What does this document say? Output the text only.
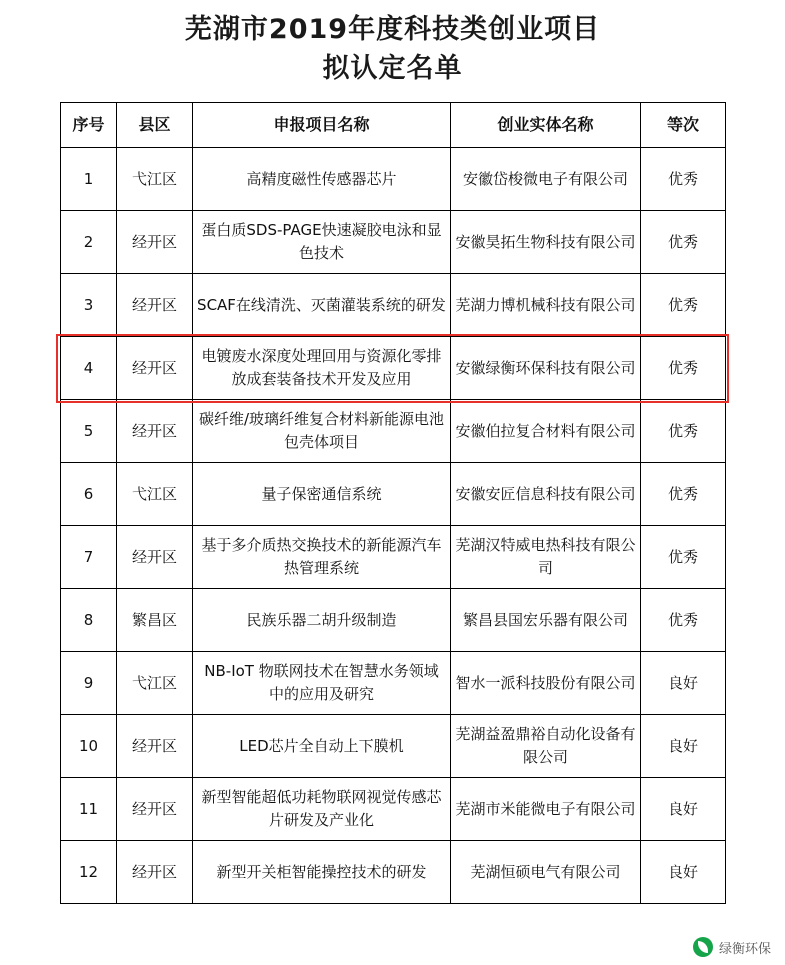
芜湖市2019年度科技类创业项目
拟认定名单
序号	县区	申报项目名称	创业实体名称	等次
1	弋江区	高精度磁性传感器芯片	安徽岱梭微电子有限公司	优秀
2	经开区	蛋白质SDS-PAGE快速凝胶电泳和显色技术	安徽昊拓生物科技有限公司	优秀
3	经开区	SCAF在线清洗、灭菌灌装系统的研发	芜湖力博机械科技有限公司	优秀
4	经开区	电镀废水深度处理回用与资源化零排放成套装备技术开发及应用	安徽绿衡环保科技有限公司	优秀
5	经开区	碳纤维/玻璃纤维复合材料新能源电池包壳体项目	安徽伯拉复合材料有限公司	优秀
6	弋江区	量子保密通信系统	安徽安匠信息科技有限公司	优秀
7	经开区	基于多介质热交换技术的新能源汽车热管理系统	芜湖汉特威电热科技有限公司	优秀
8	繁昌区	民族乐器二胡升级制造	繁昌县国宏乐器有限公司	优秀
9	弋江区	NB-IoT 物联网技术在智慧水务领域中的应用及研究	智水一派科技股份有限公司	良好
10	经开区	LED芯片全自动上下膜机	芜湖益盈鼎裕自动化设备有限公司	良好
11	经开区	新型智能超低功耗物联网视觉传感芯片研发及产业化	芜湖市米能微电子有限公司	良好
12	经开区	新型开关柜智能操控技术的研发	芜湖恒硕电气有限公司	良好
绿衡环保
